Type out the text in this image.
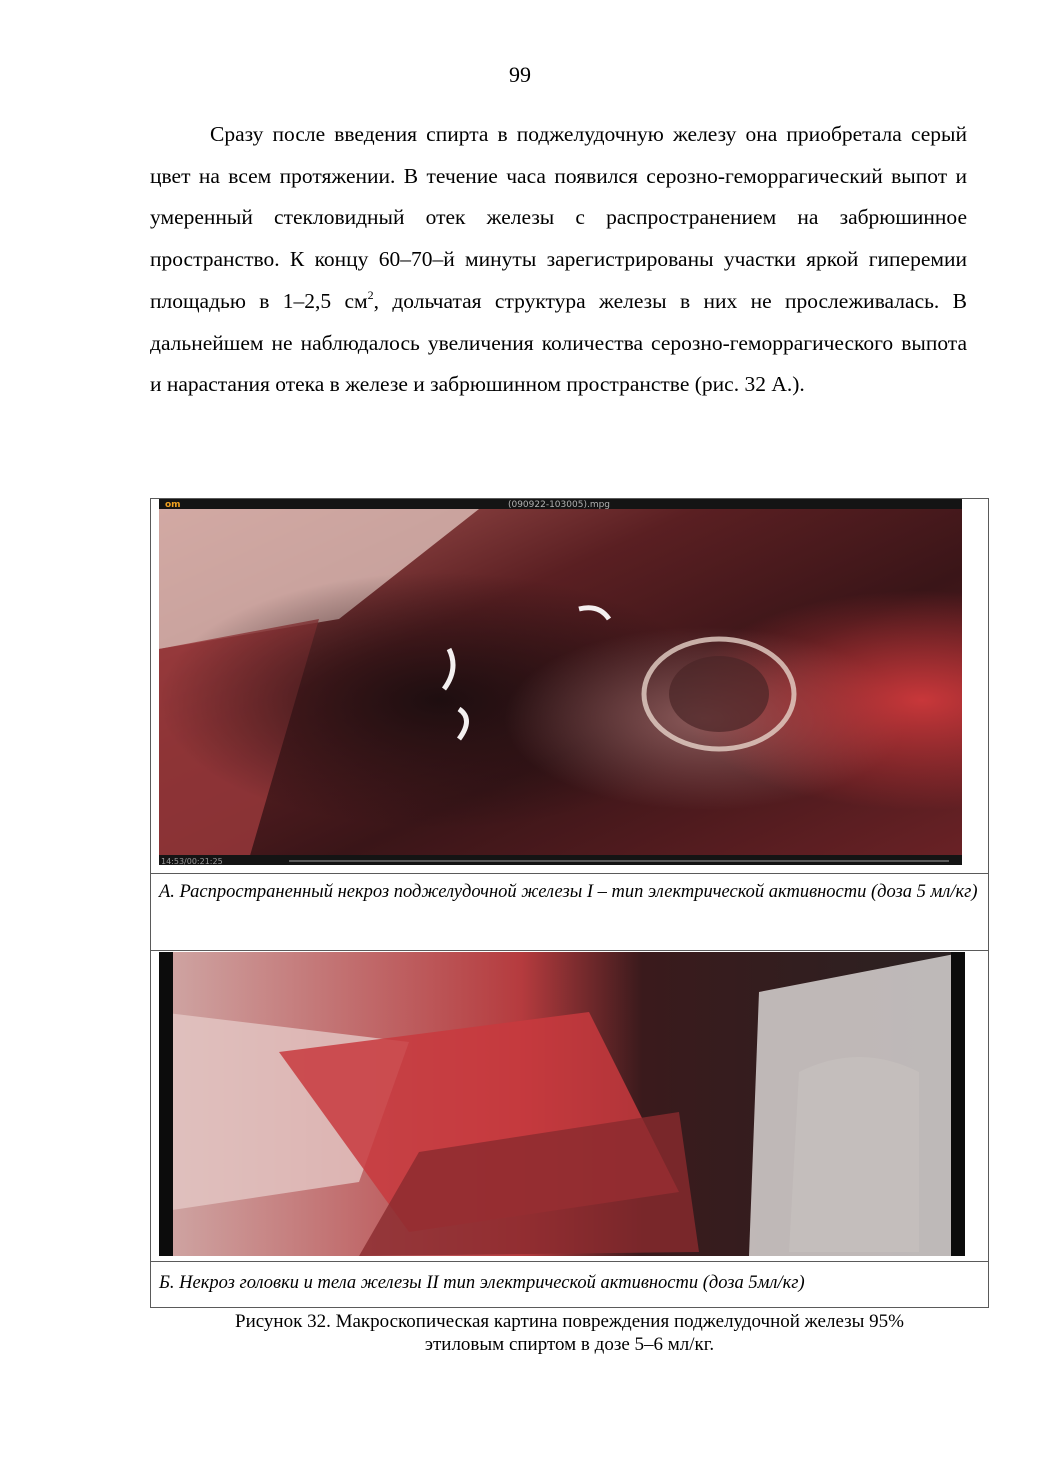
99

Сразу после введения спирта в поджелудочную железу она приобретала серый цвет на всем протяжении. В течение часа появился серозно-геморрагический выпот и умеренный стекловидный отек железы с распространением на забрюшинное пространство. К концу 60–70–й минуты зарегистрированы участки яркой гиперемии площадью в 1–2,5 $см^2$, дольчатая структура железы в них не прослеживалась. В дальнейшем не наблюдалось увеличения количества серозно-геморрагического выпота и нарастания отека в железе и забрюшинном пространстве (рис. 32 А.).

om	(090922-103005).mpg
14:53/00:21:25
А. Распространенный некроз поджелудочной железы I – тип электрической активности (доза 5 мл/кг)
Б. Некроз головки и тела железы II тип электрической активности (доза 5мл/кг)
Рисунок 32. Макроскопическая картина повреждения поджелудочной железы 95%
этиловым спиртом в дозе 5–6 мл/кг.
